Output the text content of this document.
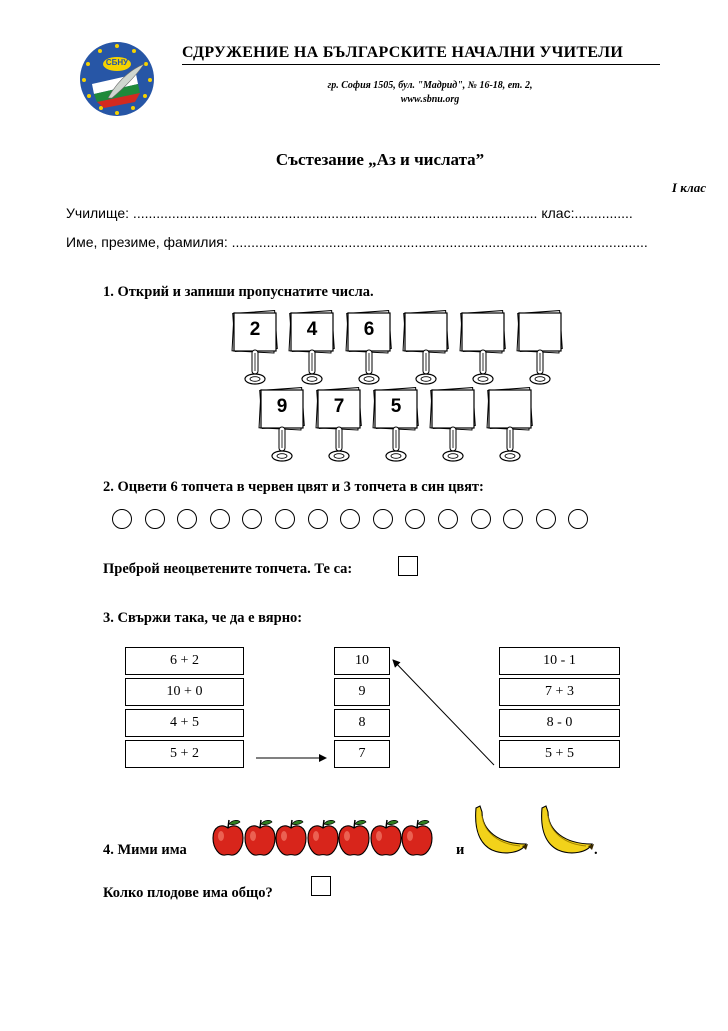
СБНУ
СДРУЖЕНИЕ НА БЪЛГАРСКИТЕ НАЧАЛНИ УЧИТЕЛИ
гр. София 1505, бул. "Мадрид", № 16-18, ет. 2,
www.sbnu.org
Състезание „Аз и числата”
I клас
Училище: ........................................................................................................ клас:...............
Име, презиме, фамилия: ...........................................................................................................
1. Открий и запиши пропуснатите числа.
2	4	6
9	7	5
2. Оцвети 6 топчета в червен цвят и 3 топчета в син цвят:
Преброй неоцветените топчета. Те са:
3. Свържи така, че да е вярно:
6 + 2
10 + 0
4 + 5
5 + 2
10
9
8
7
10 - 1
7 + 3
8 - 0
5 + 5
4. Мими има	и	.
Колко плодове има общо?
